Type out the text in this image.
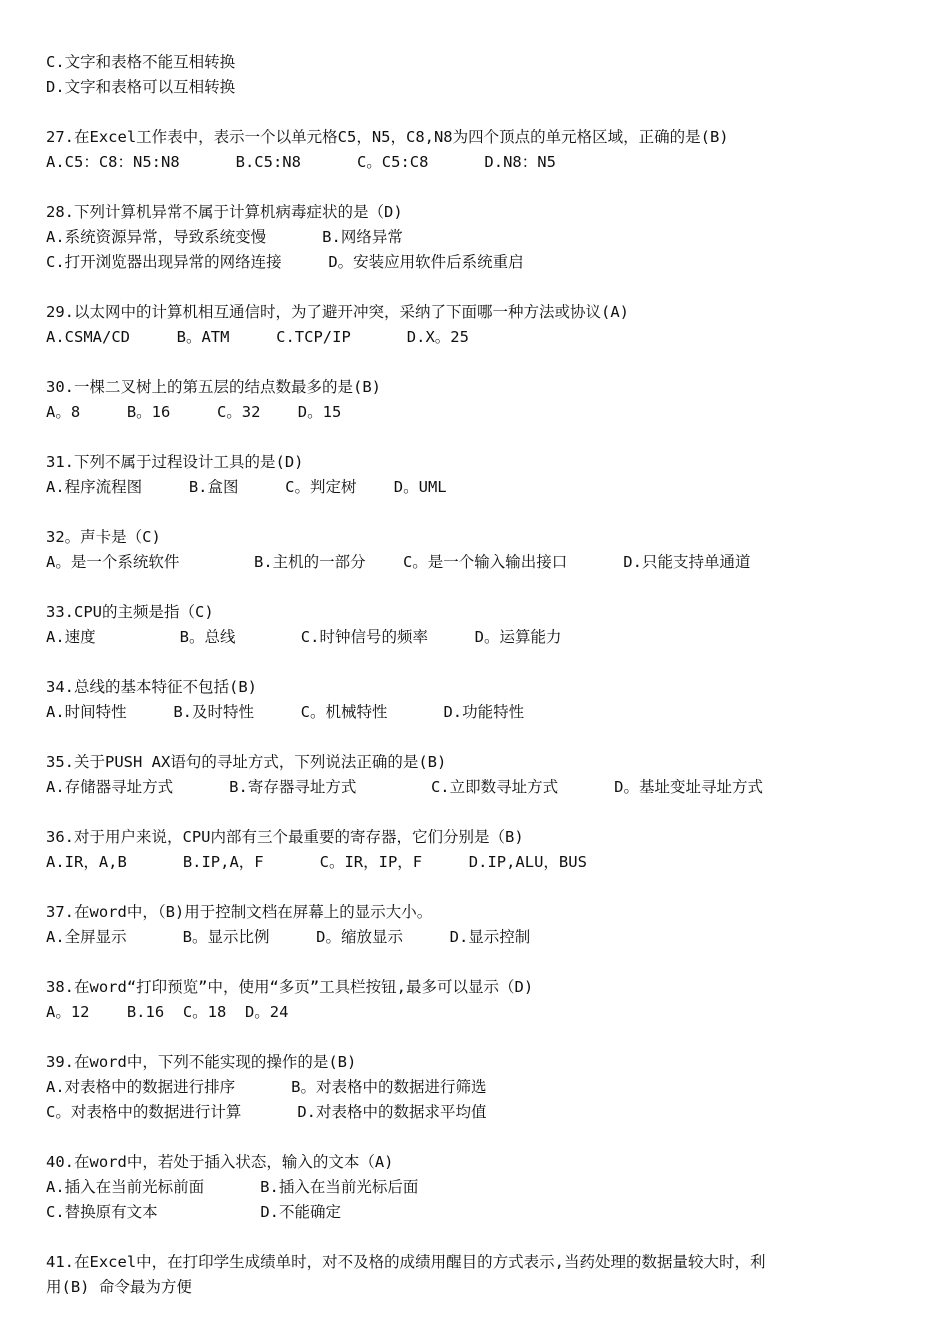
C.文字和表格不能互相转换
D.文字和表格可以互相转换
27.在Excel工作表中，表示一个以单元格C5，N5，C8,N8为四个顶点的单元格区域，正确的是(B)
A.C5：C8：N5:N8      B.C5:N8      C。C5:C8      D.N8：N5
28.下列计算机异常不属于计算机病毒症状的是（D)
A.系统资源异常，导致系统变慢      B.网络异常
C.打开浏览器出现异常的网络连接     D。安装应用软件后系统重启
29.以太网中的计算机相互通信时，为了避开冲突，采纳了下面哪一种方法或协议(A)
A.CSMA/CD     B。ATM     C.TCP/IP      D.X。25
30.一棵二叉树上的第五层的结点数最多的是(B)
A。8     B。16     C。32    D。15
31.下列不属于过程设计工具的是(D)
A.程序流程图     B.盒图     C。判定树    D。UML
32。声卡是（C)
A。是一个系统软件        B.主机的一部分    C。是一个输入输出接口      D.只能支持单通道
33.CPU的主频是指（C)
A.速度         B。总线       C.时钟信号的频率     D。运算能力
34.总线的基本特征不包括(B)
A.时间特性     B.及时特性     C。机械特性      D.功能特性
35.关于PUSH AX语句的寻址方式，下列说法正确的是(B)
A.存储器寻址方式      B.寄存器寻址方式        C.立即数寻址方式      D。基址变址寻址方式
36.对于用户来说，CPU内部有三个最重要的寄存器，它们分别是（B)
A.IR，A,B      B.IP,A，F      C。IR，IP，F     D.IP,ALU，BUS
37.在word中，（B)用于控制文档在屏幕上的显示大小。
A.全屏显示      B。显示比例     D。缩放显示     D.显示控制
38.在word“打印预览”中，使用“多页”工具栏按钮,最多可以显示（D)
A。12    B.16  C。18  D。24
39.在word中，下列不能实现的操作的是(B)
A.对表格中的数据进行排序      B。对表格中的数据进行筛选
C。对表格中的数据进行计算      D.对表格中的数据求平均值
40.在word中，若处于插入状态，输入的文本（A)
A.插入在当前光标前面      B.插入在当前光标后面
C.替换原有文本           D.不能确定
41.在Excel中，在打印学生成绩单时，对不及格的成绩用醒目的方式表示,当药处理的数据量较大时，利
用(B) 命令最为方便
